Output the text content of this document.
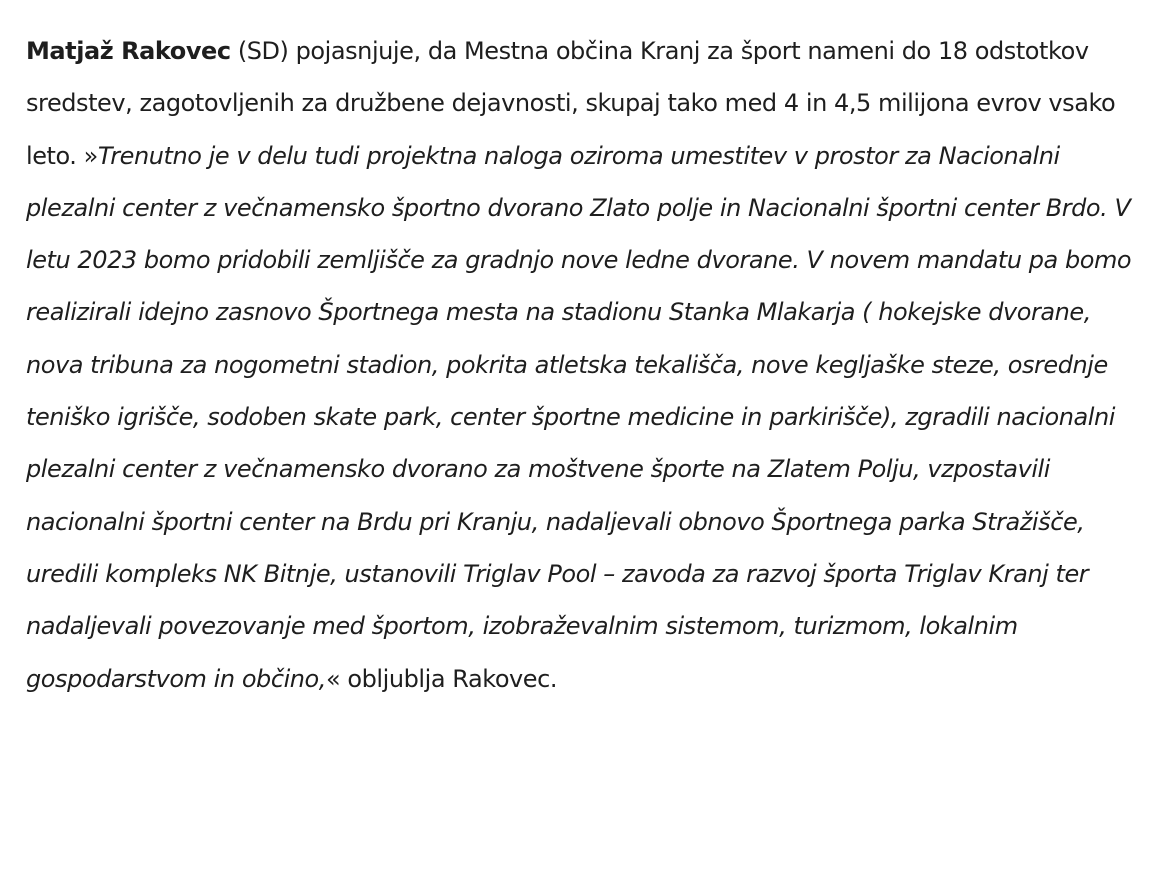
Matjaž Rakovec (SD) pojasnjuje, da Mestna občina Kranj za šport nameni do 18 odstotkov sredstev, zagotovljenih za družbene dejavnosti, skupaj tako med 4 in 4,5 milijona evrov vsako leto. »Trenutno je v delu tudi projektna naloga oziroma umestitev v prostor za Nacionalni plezalni center z večnamensko športno dvorano Zlato polje in Nacionalni športni center Brdo. V letu 2023 bomo pridobili zemljišče za gradnjo nove ledne dvorane. V novem mandatu pa bomo realizirali idejno zasnovo Športnega mesta na stadionu Stanka Mlakarja ( hokejske dvorane, nova tribuna za nogometni stadion, pokrita atletska tekališča, nove kegljaške steze, osrednje teniško igrišče, sodoben skate park, center športne medicine in parkirišče), zgradili nacionalni plezalni center z večnamensko dvorano za moštvene športe na Zlatem Polju, vzpostavili nacionalni športni center na Brdu pri Kranju, nadaljevali obnovo Športnega parka Stražišče, uredili kompleks NK Bitnje, ustanovili Triglav Pool – zavoda za razvoj športa Triglav Kranj ter nadaljevali povezovanje med športom, izobraževalnim sistemom, turizmom, lokalnim gospodarstvom in občino,« obljublja Rakovec.
